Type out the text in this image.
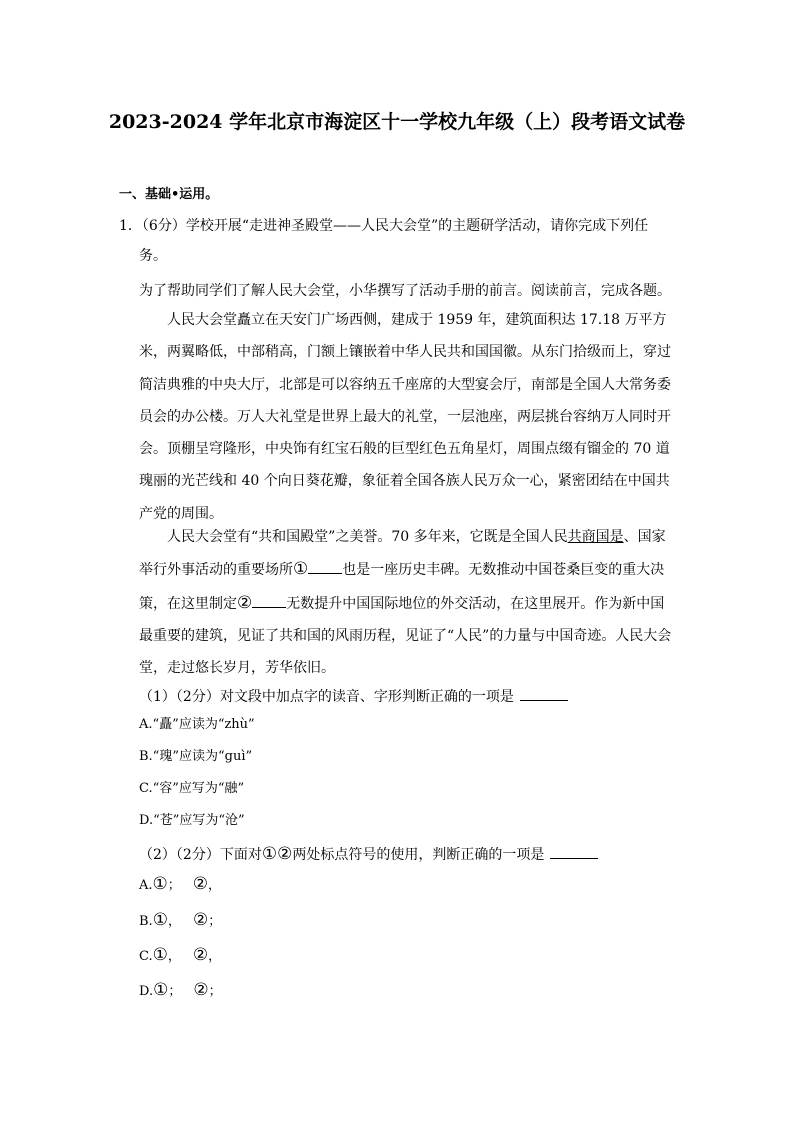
2023-2024 学年北京市海淀区十一学校九年级（上）段考语文试卷
一、基础•运用。
1．（6分）学校开展“走进神圣殿堂——人民大会堂”的主题研学活动，请你完成下列任
务。
为了帮助同学们了解人民大会堂，小华撰写了活动手册的前言。阅读前言，完成各题。
人民大会堂矗立在天安门广场西侧，建成于 1959 年，建筑面积达 17.18 万平方米，两翼略低，中部稍高，门额上镶嵌着中华人民共和国国徽。从东门拾级而上，穿过简洁典雅的中央大厅，北部是可以容纳五千座席的大型宴会厅，南部是全国人大常务委员会的办公楼。万人大礼堂是世界上最大的礼堂，一层池座，两层挑台容纳万人同时开会。顶棚呈穹隆形，中央饰有红宝石般的巨型红色五角星灯，周围点缀有镏金的 70 道瑰丽的光芒线和 40 个向日葵花瓣，象征着全国各族人民万众一心，紧密团结在中国共产党的周围。
人民大会堂有“共和国殿堂”之美誉。70 多年来，它既是全国人民共商国是、国家举行外事活动的重要场所① 也是一座历史丰碑。无数推动中国苍桑巨变的重大决策，在这里制定② 无数提升中国国际地位的外交活动，在这里展开。作为新中国最重要的建筑，见证了共和国的风雨历程，见证了“人民”的力量与中国奇迹。人民大会堂，走过悠长岁月，芳华依旧。
（1）（2分）对文段中加点字的读音、字形判断正确的一项是
A.“矗”应读为“zhù”
B.“瑰”应读为“guì”
C.“容”应写为“融”
D.“苍”应写为“沧”
（2）（2分）下面对①②两处标点符号的使用，判断正确的一项是
A.①； ②，
B.①， ②；
C.①， ②，
D.①； ②；
